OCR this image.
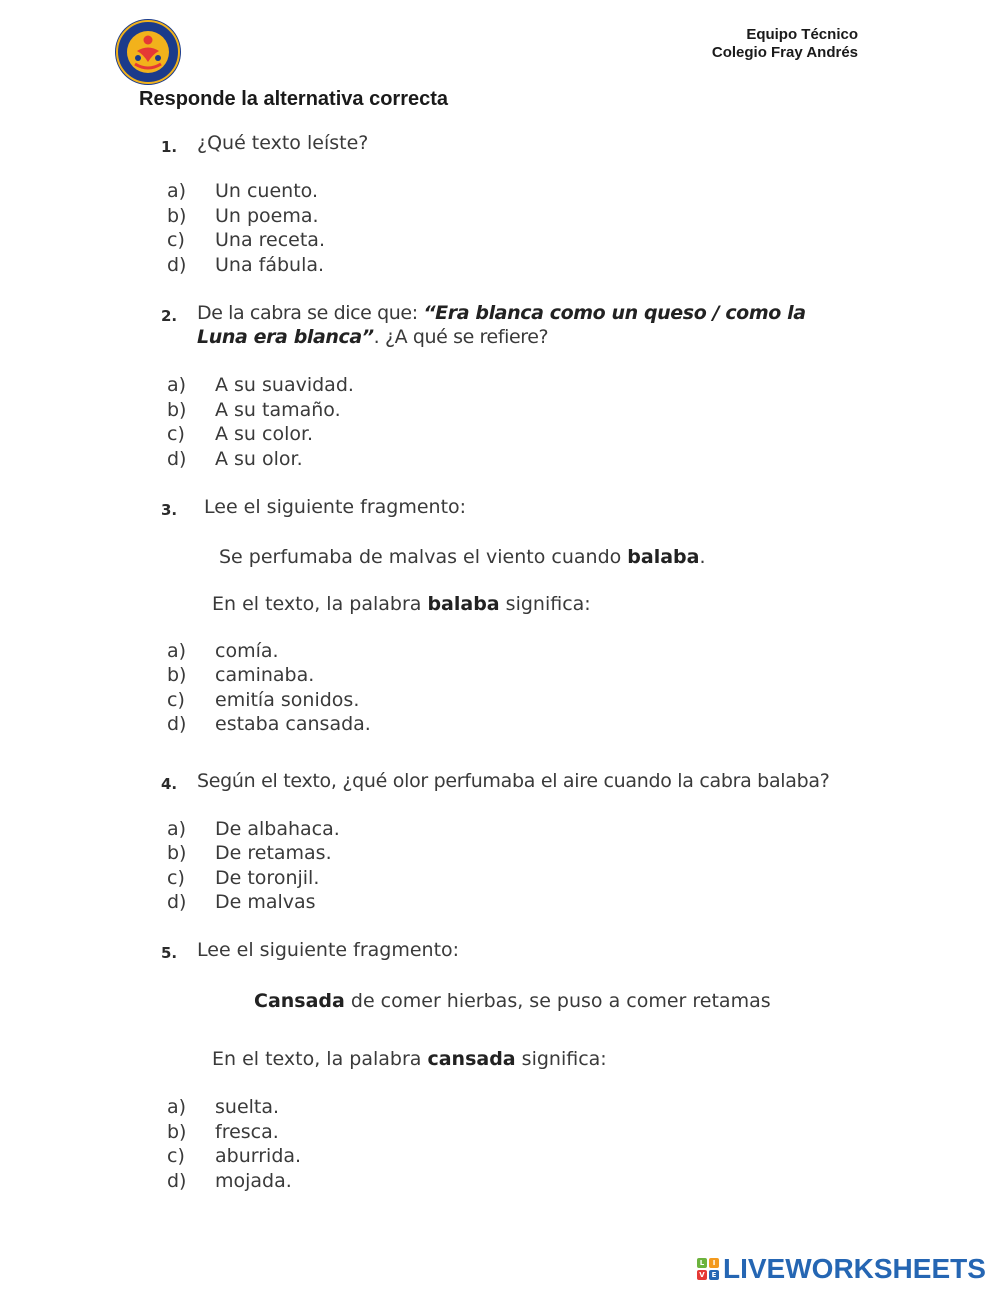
Equipo Técnico
Colegio Fray Andrés
Responde la alternativa correcta
1. ¿Qué texto leíste?
a) Un cuento.
b) Un poema.
c) Una receta.
d) Una fábula.
2. De la cabra se dice que: “Era blanca como un queso / como la
Luna era blanca”. ¿A qué se refiere?
a) A su suavidad.
b) A su tamaño.
c) A su color.
d) A su olor.
3. Lee el siguiente fragmento:
Se perfumaba de malvas el viento cuando balaba.
En el texto, la palabra balaba significa:
a) comía.
b) caminaba.
c) emitía sonidos.
d) estaba cansada.
4. Según el texto, ¿qué olor perfumaba el aire cuando la cabra balaba?
a) De albahaca.
b) De retamas.
c) De toronjil.
d) De malvas
5. Lee el siguiente fragmento:
Cansada de comer hierbas, se puso a comer retamas
En el texto, la palabra cansada significa:
a) suelta.
b) fresca.
c) aburrida.
d) mojada.
L	I
V E LIVEWORKSHEETS
